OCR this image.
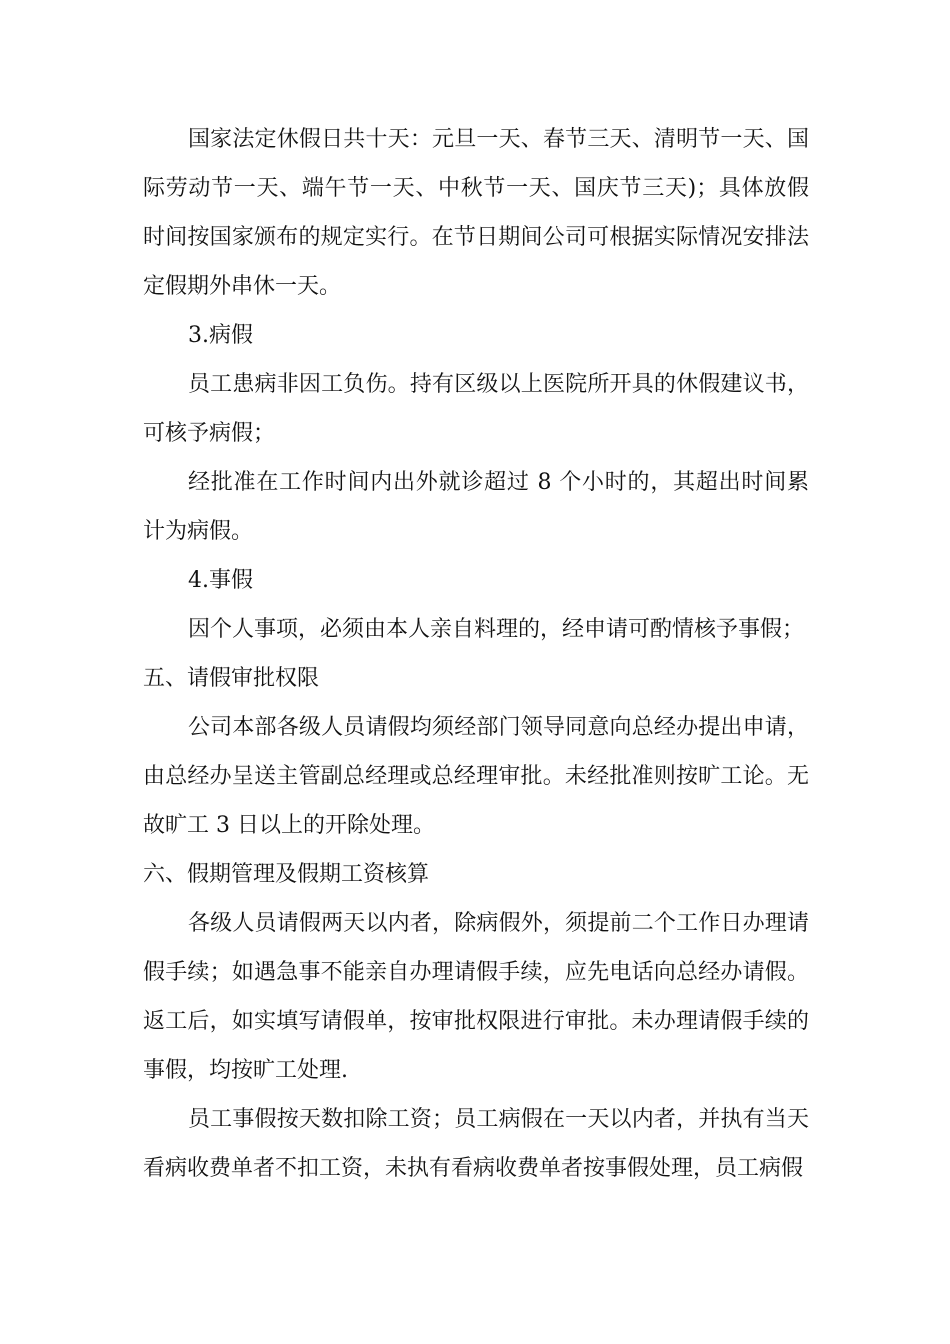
国家法定休假日共十天：元旦一天、春节三天、清明节一天、国际劳动节一天、端午节一天、中秋节一天、国庆节三天)；具体放假时间按国家颁布的规定实行。在节日期间公司可根据实际情况安排法定假期外串休一天。

3.病假

员工患病非因工负伤。持有区级以上医院所开具的休假建议书，可核予病假；

经批准在工作时间内出外就诊超过 8 个小时的，其超出时间累计为病假。

4.事假

因个人事项，必须由本人亲自料理的，经申请可酌情核予事假；

五、请假审批权限

公司本部各级人员请假均须经部门领导同意向总经办提出申请，由总经办呈送主管副总经理或总经理审批。未经批准则按旷工论。无故旷工 3 日以上的开除处理。

六、假期管理及假期工资核算

各级人员请假两天以内者，除病假外，须提前二个工作日办理请假手续；如遇急事不能亲自办理请假手续，应先电话向总经办请假。返工后，如实填写请假单，按审批权限进行审批。未办理请假手续的事假，均按旷工处理.

员工事假按天数扣除工资；员工病假在一天以内者，并执有当天看病收费单者不扣工资，未执有看病收费单者按事假处理，员工病假
